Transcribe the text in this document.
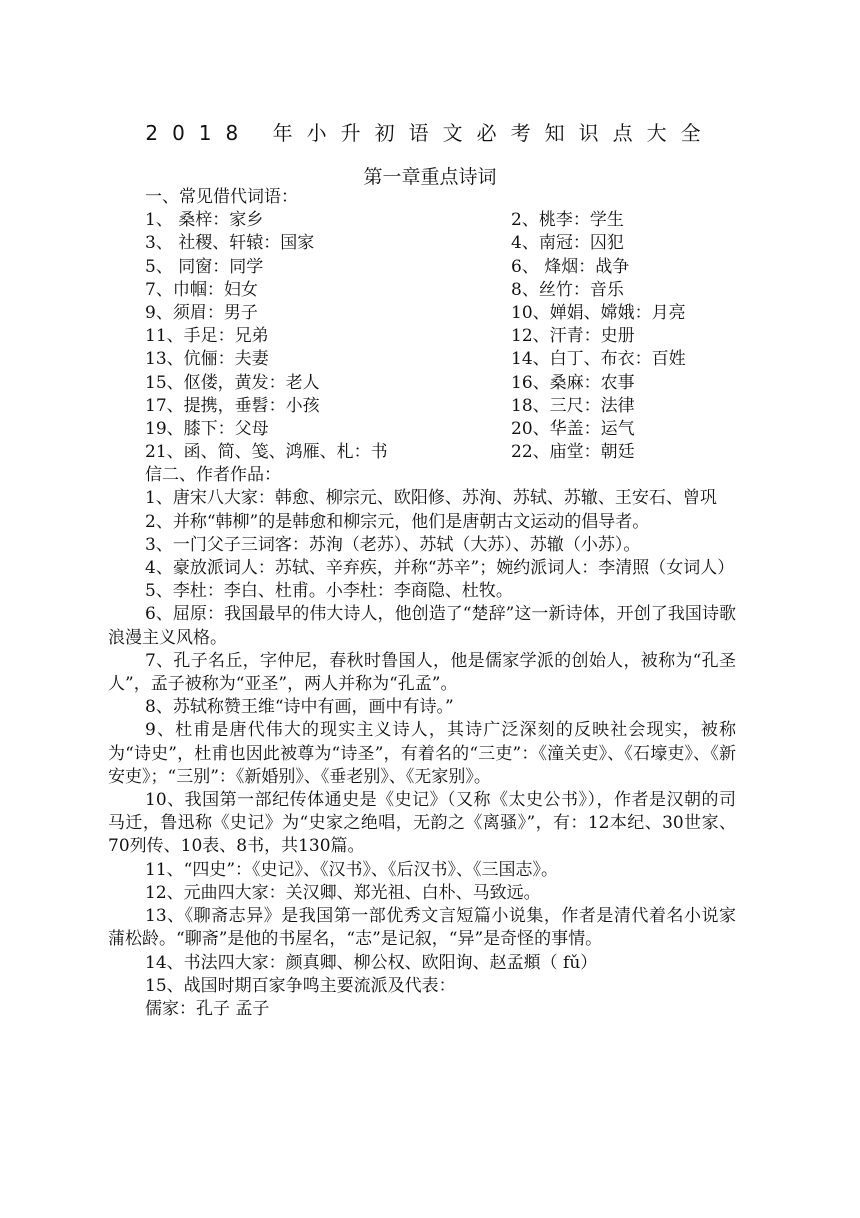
2018 年小升初语文必考知识点大全
第一章重点诗词
一、常见借代词语：
1、 桑梓：家乡	2、桃李：学生
3、 社稷、轩辕：国家	4、南冠：囚犯
5、 同窗：同学	6、 烽烟：战争
7、巾帼：妇女	8、丝竹：音乐
9、须眉：男子	10、婵娟、嫦娥：月亮
11、手足：兄弟	12、汗青：史册
13、伉俪：夫妻	14、白丁、布衣：百姓
15、伛偻，黄发：老人	16、桑麻：农事
17、提携，垂髫：小孩	18、三尺：法律
19、膝下：父母	20、华盖：运气
21、函、简、笺、鸿雁、札：书	22、庙堂：朝廷
信二、作者作品：
1、唐宋八大家：韩愈、柳宗元、欧阳修、苏洵、苏轼、苏辙、王安石、曾巩
2、并称“韩柳”的是韩愈和柳宗元，他们是唐朝古文运动的倡导者。
3、一门父子三词客：苏洵（老苏）、苏轼（大苏）、苏辙（小苏）。
4、豪放派词人：苏轼、辛弃疾，并称“苏辛”；婉约派词人：李清照（女词人）
5、李杜：李白、杜甫。小李杜：李商隐、杜牧。
6、屈原：我国最早的伟大诗人，他创造了“楚辞”这一新诗体，开创了我国诗歌浪漫主义风格。
7、孔子名丘，字仲尼，春秋时鲁国人，他是儒家学派的创始人，被称为“孔圣人”，孟子被称为“亚圣”，两人并称为“孔孟”。
8、苏轼称赞王维“诗中有画，画中有诗。”
9、杜甫是唐代伟大的现实主义诗人，其诗广泛深刻的反映社会现实，被称为“诗史”，杜甫也因此被尊为“诗圣”，有着名的“三吏”：《潼关吏》、《石壕吏》、《新安吏》；“三别”：《新婚别》、《垂老别》、《无家别》。
10、我国第一部纪传体通史是《史记》（又称《太史公书》），作者是汉朝的司马迁，鲁迅称《史记》为“史家之绝唱，无韵之《离骚》”，有：12本纪、30世家、70列传、10表、8书，共130篇。
11、“四史”：《史记》、《汉书》、《后汉书》、《三国志》。
12、元曲四大家：关汉卿、郑光祖、白朴、马致远。
13、《聊斋志异》是我国第一部优秀文言短篇小说集，作者是清代着名小说家蒲松龄。“聊斋”是他的书屋名，“志”是记叙，“异”是奇怪的事情。
14、书法四大家：颜真卿、柳公权、欧阳询、赵孟頫（ fǔ）
15、战国时期百家争鸣主要流派及代表：
儒家：孔子 孟子
